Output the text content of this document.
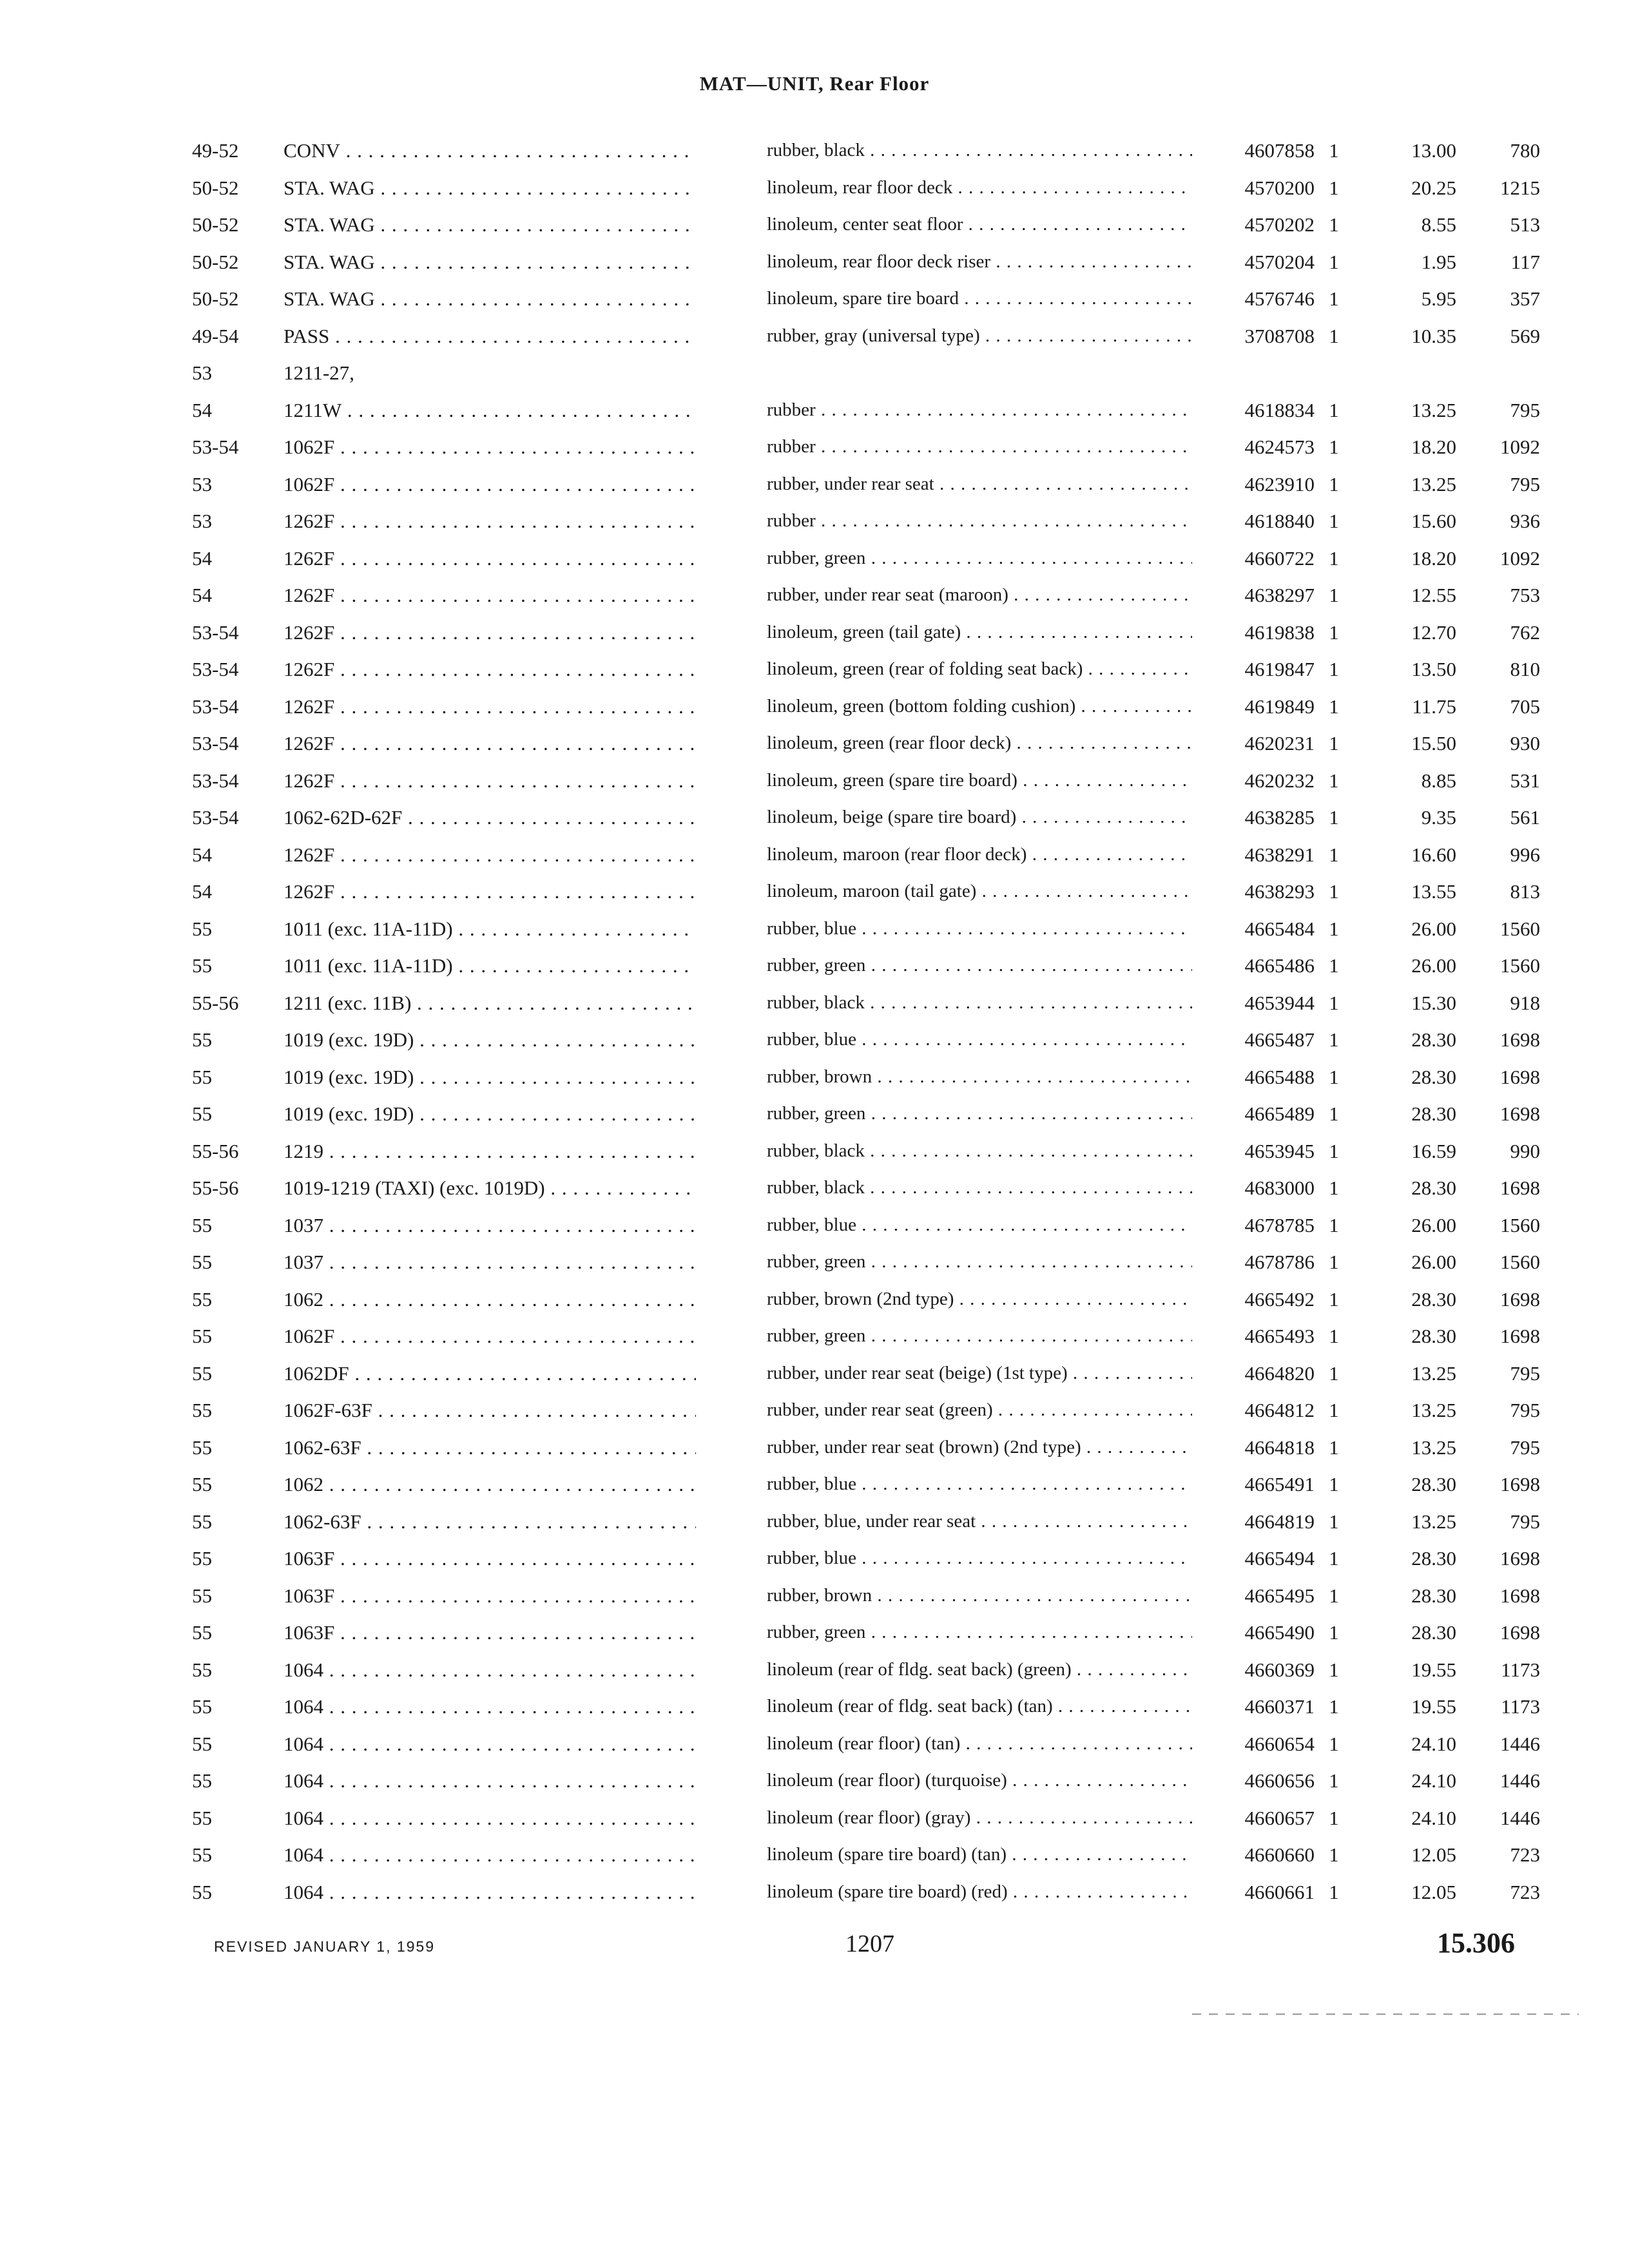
MAT—UNIT, Rear Floor
49-52	CONV . . .	rubber, black . . .	4607858 1	13.00	780
50-52	STA. WAG . . .	linoleum, rear floor deck . . .	4570200 1	20.25	1215
50-52	STA. WAG . . .	linoleum, center seat floor . . .	4570202 1	8.55	513
50-52	STA. WAG . . .	linoleum, rear floor deck riser . . .	4570204 1	1.95	117
50-52	STA. WAG . . .	linoleum, spare tire board . . .	4576746 1	5.95	357
49-54	PASS . . .	rubber, gray (universal type) . . .	3708708 1	10.35	569
53	1211-27,
54	1211W . . .	rubber . . .	4618834 1	13.25	795
53-54	1062F . . .	rubber . . .	4624573 1	18.20	1092
53	1062F . . .	rubber, under rear seat . . .	4623910 1	13.25	795
53	1262F . . .	rubber . . .	4618840 1	15.60	936
54	1262F . . .	rubber, green . . .	4660722 1	18.20	1092
54	1262F . . .	rubber, under rear seat (maroon) . . .	4638297 1	12.55	753
53-54	1262F . . .	linoleum, green (tail gate) . . .	4619838 1	12.70	762
53-54	1262F . . .	linoleum, green (rear of folding seat back) . . .	4619847 1	13.50	810
53-54	1262F . . .	linoleum, green (bottom folding cushion) . . .	4619849 1	11.75	705
53-54	1262F . . .	linoleum, green (rear floor deck) . . .	4620231 1	15.50	930
53-54	1262F . . .	linoleum, green (spare tire board) . . .	4620232 1	8.85	531
53-54	1062-62D-62F . . .	linoleum, beige (spare tire board) . . .	4638285 1	9.35	561
54	1262F . . .	linoleum, maroon (rear floor deck) . . .	4638291 1	16.60	996
54	1262F . . .	linoleum, maroon (tail gate) . . .	4638293 1	13.55	813
55	1011 (exc. 11A-11D) . . .	rubber, blue . . .	4665484 1	26.00	1560
55	1011 (exc. 11A-11D) . . .	rubber, green . . .	4665486 1	26.00	1560
55-56	1211 (exc. 11B) . . .	rubber, black . . .	4653944 1	15.30	918
55	1019 (exc. 19D) . . .	rubber, blue . . .	4665487 1	28.30	1698
55	1019 (exc. 19D) . . .	rubber, brown . . .	4665488 1	28.30	1698
55	1019 (exc. 19D) . . .	rubber, green . . .	4665489 1	28.30	1698
55-56	1219 . . .	rubber, black . . .	4653945 1	16.59	990
55-56	1019-1219 (TAXI) (exc. 1019D) . . .	rubber, black . . .	4683000 1	28.30	1698
55	1037 . . .	rubber, blue . . .	4678785 1	26.00	1560
55	1037 . . .	rubber, green . . .	4678786 1	26.00	1560
55	1062 . . .	rubber, brown (2nd type) . . .	4665492 1	28.30	1698
55	1062F . . .	rubber, green . . .	4665493 1	28.30	1698
55	1062DF . . .	rubber, under rear seat (beige) (1st type) . . .	4664820 1	13.25	795
55	1062F-63F . . .	rubber, under rear seat (green) . . .	4664812 1	13.25	795
55	1062-63F . . .	rubber, under rear seat (brown) (2nd type) . . .	4664818 1	13.25	795
55	1062 . . .	rubber, blue . . .	4665491 1	28.30	1698
55	1062-63F . . .	rubber, blue, under rear seat . . .	4664819 1	13.25	795
55	1063F . . .	rubber, blue . . .	4665494 1	28.30	1698
55	1063F . . .	rubber, brown . . .	4665495 1	28.30	1698
55	1063F . . .	rubber, green . . .	4665490 1	28.30	1698
55	1064 . . .	linoleum (rear of fldg. seat back) (green) . . .	4660369 1	19.55	1173
55	1064 . . .	linoleum (rear of fldg. seat back) (tan) . . .	4660371 1	19.55	1173
55	1064 . . .	linoleum (rear floor) (tan) . . .	4660654 1	24.10	1446
55	1064 . . .	linoleum (rear floor) (turquoise) . . .	4660656 1	24.10	1446
55	1064 . . .	linoleum (rear floor) (gray) . . .	4660657 1	24.10	1446
55	1064 . . .	linoleum (spare tire board) (tan) . . .	4660660 1	12.05	723
55	1064 . . .	linoleum (spare tire board) (red) . . .	4660661 1	12.05	723
REVISED JANUARY 1, 1959	1207	15.306
